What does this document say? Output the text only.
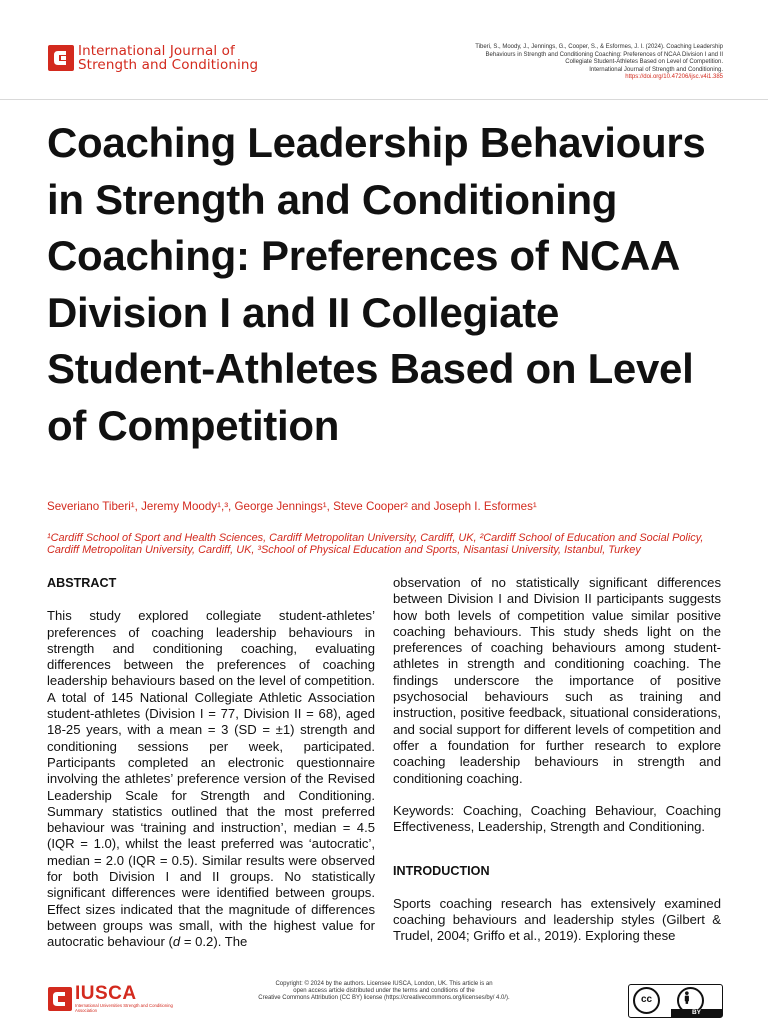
International Journal of
Strength and Conditioning
Tiberi, S., Moody, J., Jennings, G., Cooper, S., & Esformes, J. I. (2024). Coaching Leadership
Behaviours in Strength and Conditioning Coaching: Preferences of NCAA Division I and II
Collegiate Student-Athletes Based on Level of Competition.
International Journal of Strength and Conditioning.
https://doi.org/10.47206/ijsc.v4i1.385
Coaching Leadership Behaviours in Strength and Conditioning Coaching: Preferences of NCAA Division I and II Collegiate Student-Athletes Based on Level of Competition
Severiano Tiberi¹, Jeremy Moody¹,³, George Jennings¹, Steve Cooper² and Joseph I. Esformes¹
¹Cardiff School of Sport and Health Sciences, Cardiff Metropolitan University, Cardiff, UK, ²Cardiff School of Education and Social Policy, Cardiff Metropolitan University, Cardiff, UK, ³School of Physical Education and Sports, Nisantasi University, Istanbul, Turkey
ABSTRACT

This study explored collegiate student-athletes’ preferences of coaching leadership behaviours in strength and conditioning coaching, evaluating differences between the preferences of coaching leadership behaviours based on the level of competition. A total of 145 National Collegiate Athletic Association student-athletes (Division I = 77, Division II = 68), aged 18-25 years, with a mean = 3 (SD = ±1) strength and conditioning sessions per week, participated. Participants completed an electronic questionnaire involving the athletes’ preference version of the Revised Leadership Scale for Strength and Conditioning. Summary statistics outlined that the most preferred behaviour was ‘training and instruction’, median = 4.5 (IQR = 1.0), whilst the least preferred was ‘autocratic’, median = 2.0 (IQR = 0.5). Similar results were observed for both Division I and II groups. No statistically significant differences were identified between groups. Effect sizes indicated that the magnitude of differences between groups was small, with the highest value for autocratic behaviour (d = 0.2). The

observation of no statistically significant differences between Division I and Division II participants suggests how both levels of competition value similar positive coaching behaviours. This study sheds light on the preferences of coaching behaviours among student-athletes in strength and conditioning coaching. The findings underscore the importance of positive psychosocial behaviours such as training and instruction, positive feedback, situational considerations, and social support for different levels of competition and offer a foundation for further research to explore coaching leadership behaviours in strength and conditioning coaching.

Keywords: Coaching, Coaching Behaviour, Coaching Effectiveness, Leadership, Strength and Conditioning.

INTRODUCTION

Sports coaching research has extensively examined coaching behaviours and leadership styles (Gilbert & Trudel, 2004; Griffo et al., 2019). Exploring these

IUSCA
International Universities Strength and Conditioning Association
Copyright: © 2024 by the authors. Licensee IUSCA, London, UK. This article is an
open access article distributed under the terms and conditions of the
Creative Commons Attribution (CC BY) license (https://creativecommons.org/licenses/by/ 4.0/).	cc
BY
